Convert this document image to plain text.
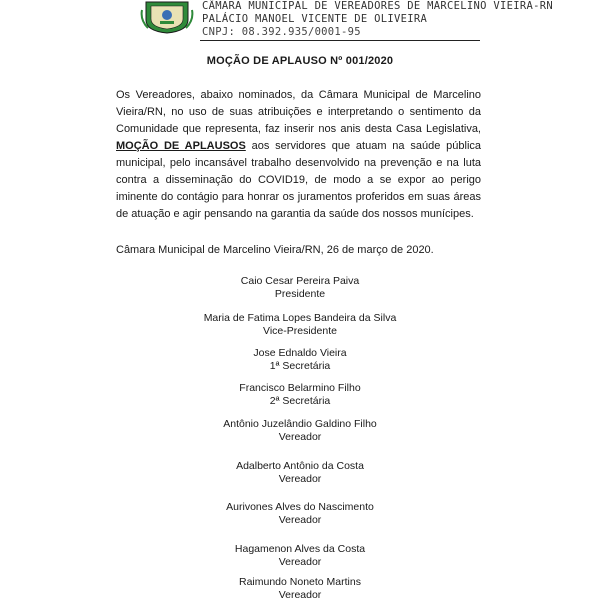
CÂMARA MUNICIPAL DE VEREADORES DE MARCELINO VIEIRA-RN
PALÁCIO MANOEL VICENTE DE OLIVEIRA
CNPJ: 08.392.935/0001-95
MOÇÃO DE APLAUSO Nº 001/2020
Os Vereadores, abaixo nominados, da Câmara Municipal de Marcelino Vieira/RN, no uso de suas atribuições e interpretando o sentimento da Comunidade que representa, faz inserir nos anis desta Casa Legislativa, MOÇÃO DE APLAUSOS aos servidores que atuam na saúde pública municipal, pelo incansável trabalho desenvolvido na prevenção e na luta contra a disseminação do COVID19, de modo a se expor ao perigo iminente do contágio para honrar os juramentos proferidos em suas áreas de atuação e agir pensando na garantia da saúde dos nossos munícipes.
Câmara Municipal de Marcelino Vieira/RN, 26 de março de 2020.
Caio Cesar Pereira Paiva
Presidente
Maria de Fatima Lopes Bandeira da Silva
Vice-Presidente
Jose Ednaldo Vieira
1ª Secretária
Francisco Belarmino Filho
2ª Secretária
Antônio Juzelândio Galdino Filho
Vereador
Adalberto Antônio da Costa
Vereador
Aurivones Alves do Nascimento
Vereador
Hagamenon Alves da Costa
Vereador
Raimundo Noneto Martins
Vereador
